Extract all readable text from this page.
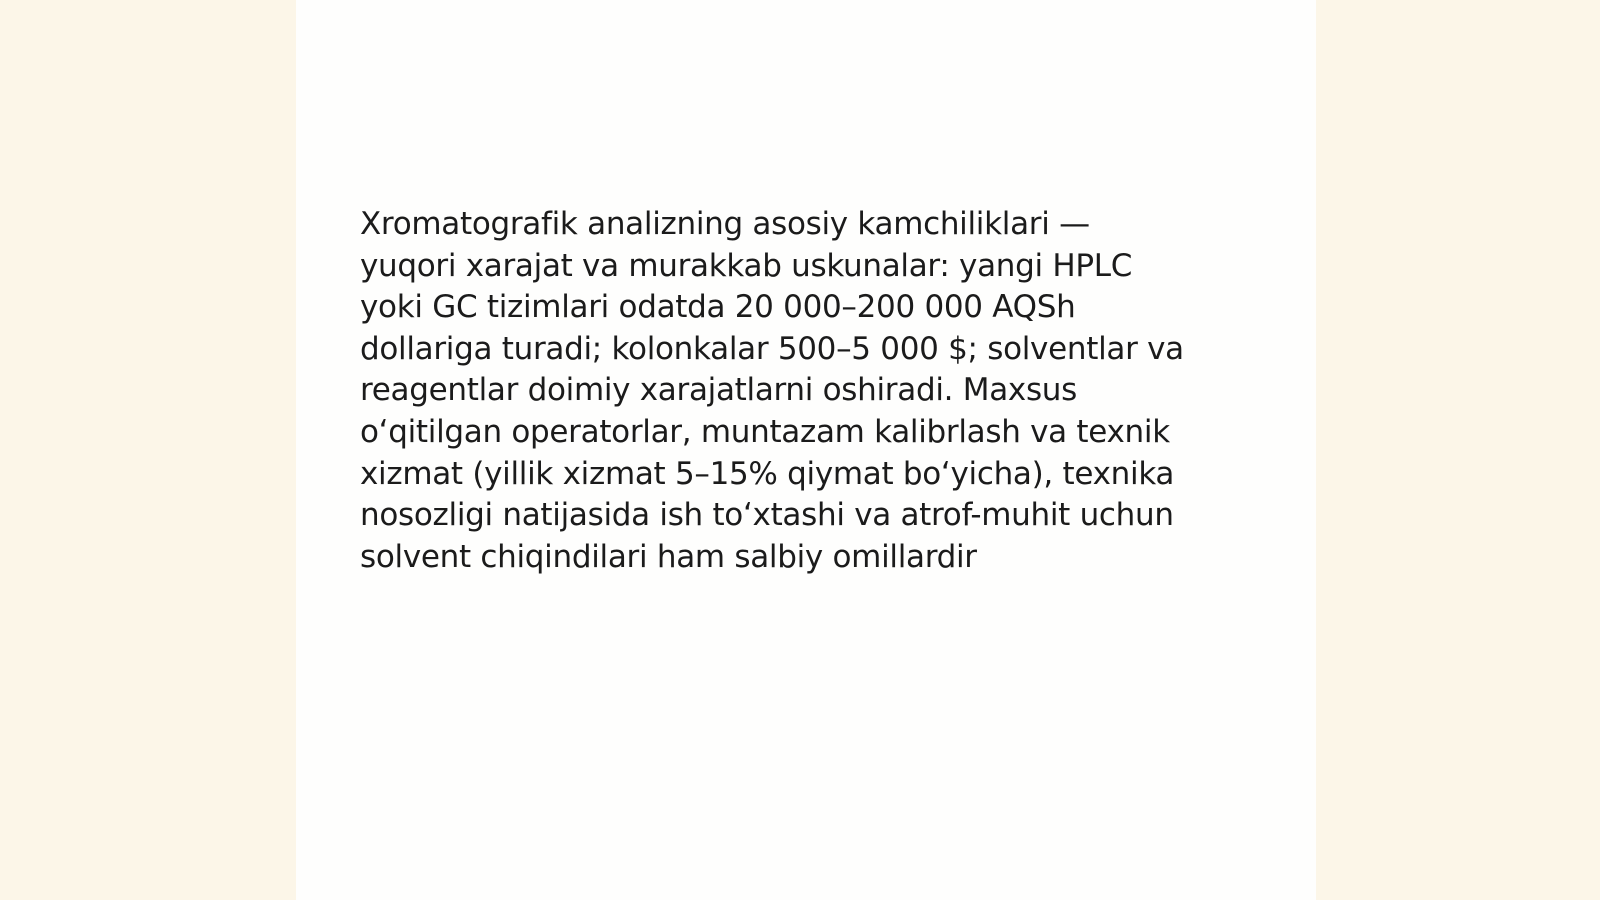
Xromatografik analizning asosiy kamchiliklari —
yuqori xarajat va murakkab uskunalar: yangi HPLC
yoki GC tizimlari odatda 20 000–200 000 AQSh
dollariga turadi; kolonkalar 500–5 000 $; solventlar va
reagentlar doimiy xarajatlarni oshiradi. Maxsus
o‘qitilgan operatorlar, muntazam kalibrlash va texnik
xizmat (yillik xizmat 5–15% qiymat bo‘yicha), texnika
nosozligi natijasida ish to‘xtashi va atrof-muhit uchun
solvent chiqindilari ham salbiy omillardir
